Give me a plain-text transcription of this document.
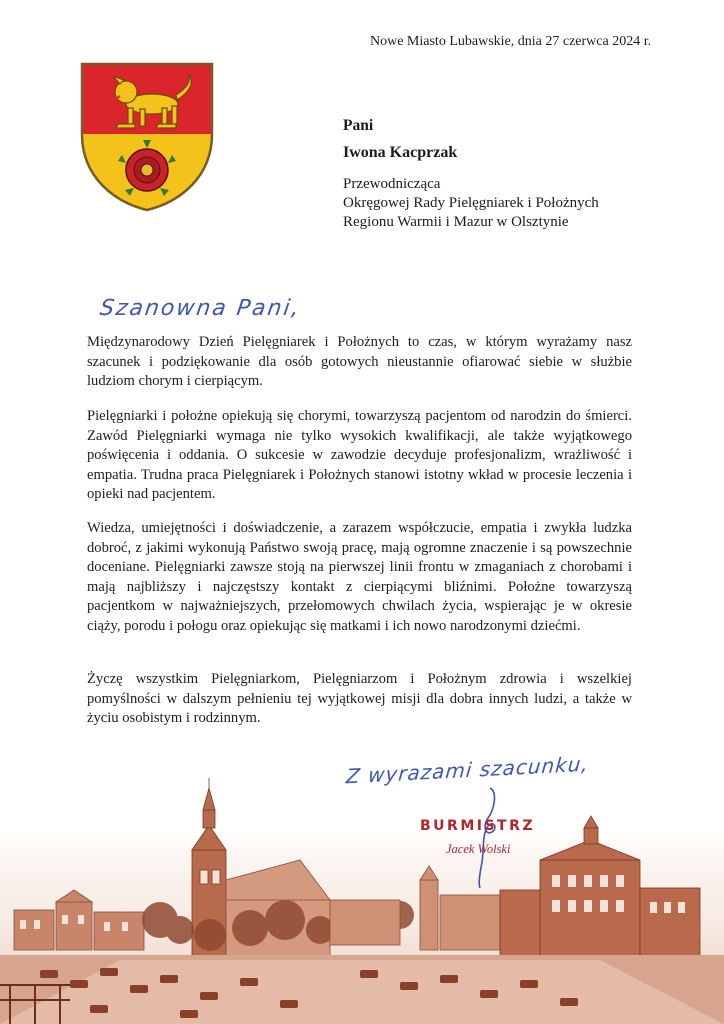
Nowe Miasto Lubawskie, dnia 27 czerwca 2024 r.
Pani
Iwona Kacprzak
Przewodnicząca
Okręgowej Rady Pielęgniarek i Położnych
Regionu Warmii i Mazur w Olsztynie
Szanowna Pani,

Międzynarodowy Dzień Pielęgniarek i Położnych to czas, w którym wyrażamy nasz szacunek i podziękowanie dla osób gotowych nieustannie ofiarować siebie w służbie ludziom chorym i cierpiącym.

Pielęgniarki i położne opiekują się chorymi, towarzyszą pacjentom od narodzin do śmierci. Zawód Pielęgniarki wymaga nie tylko wysokich kwalifikacji, ale także wyjątkowego poświęcenia i oddania. O sukcesie w zawodzie decyduje profesjonalizm, wrażliwość i empatia. Trudna praca Pielęgniarek i Położnych stanowi istotny wkład w procesie leczenia i opieki nad pacjentem.

Wiedza, umiejętności i doświadczenie, a zarazem współczucie, empatia i zwykła ludzka dobroć, z jakimi wykonują Państwo swoją pracę, mają ogromne znaczenie i są powszechnie doceniane. Pielęgniarki zawsze stoją na pierwszej linii frontu w zmaganiach z chorobami i mają najbliższy i najczęstszy kontakt z cierpiącymi bliźnimi. Położne towarzyszą pacjentkom w najważniejszych, przełomowych chwilach życia, wspierając je w okresie ciąży, porodu i połogu oraz opiekując się matkami i ich nowo narodzonymi dziećmi.

Życzę wszystkim Pielęgniarkom, Pielęgniarzom i Położnym zdrowia i wszelkiej pomyślności w dalszym pełnieniu tej wyjątkowej misji dla dobra innych ludzi, a także w życiu osobistym i rodzinnym.

Z wyrazami szacunku,
BURMISTRZ
Jacek Wolski
